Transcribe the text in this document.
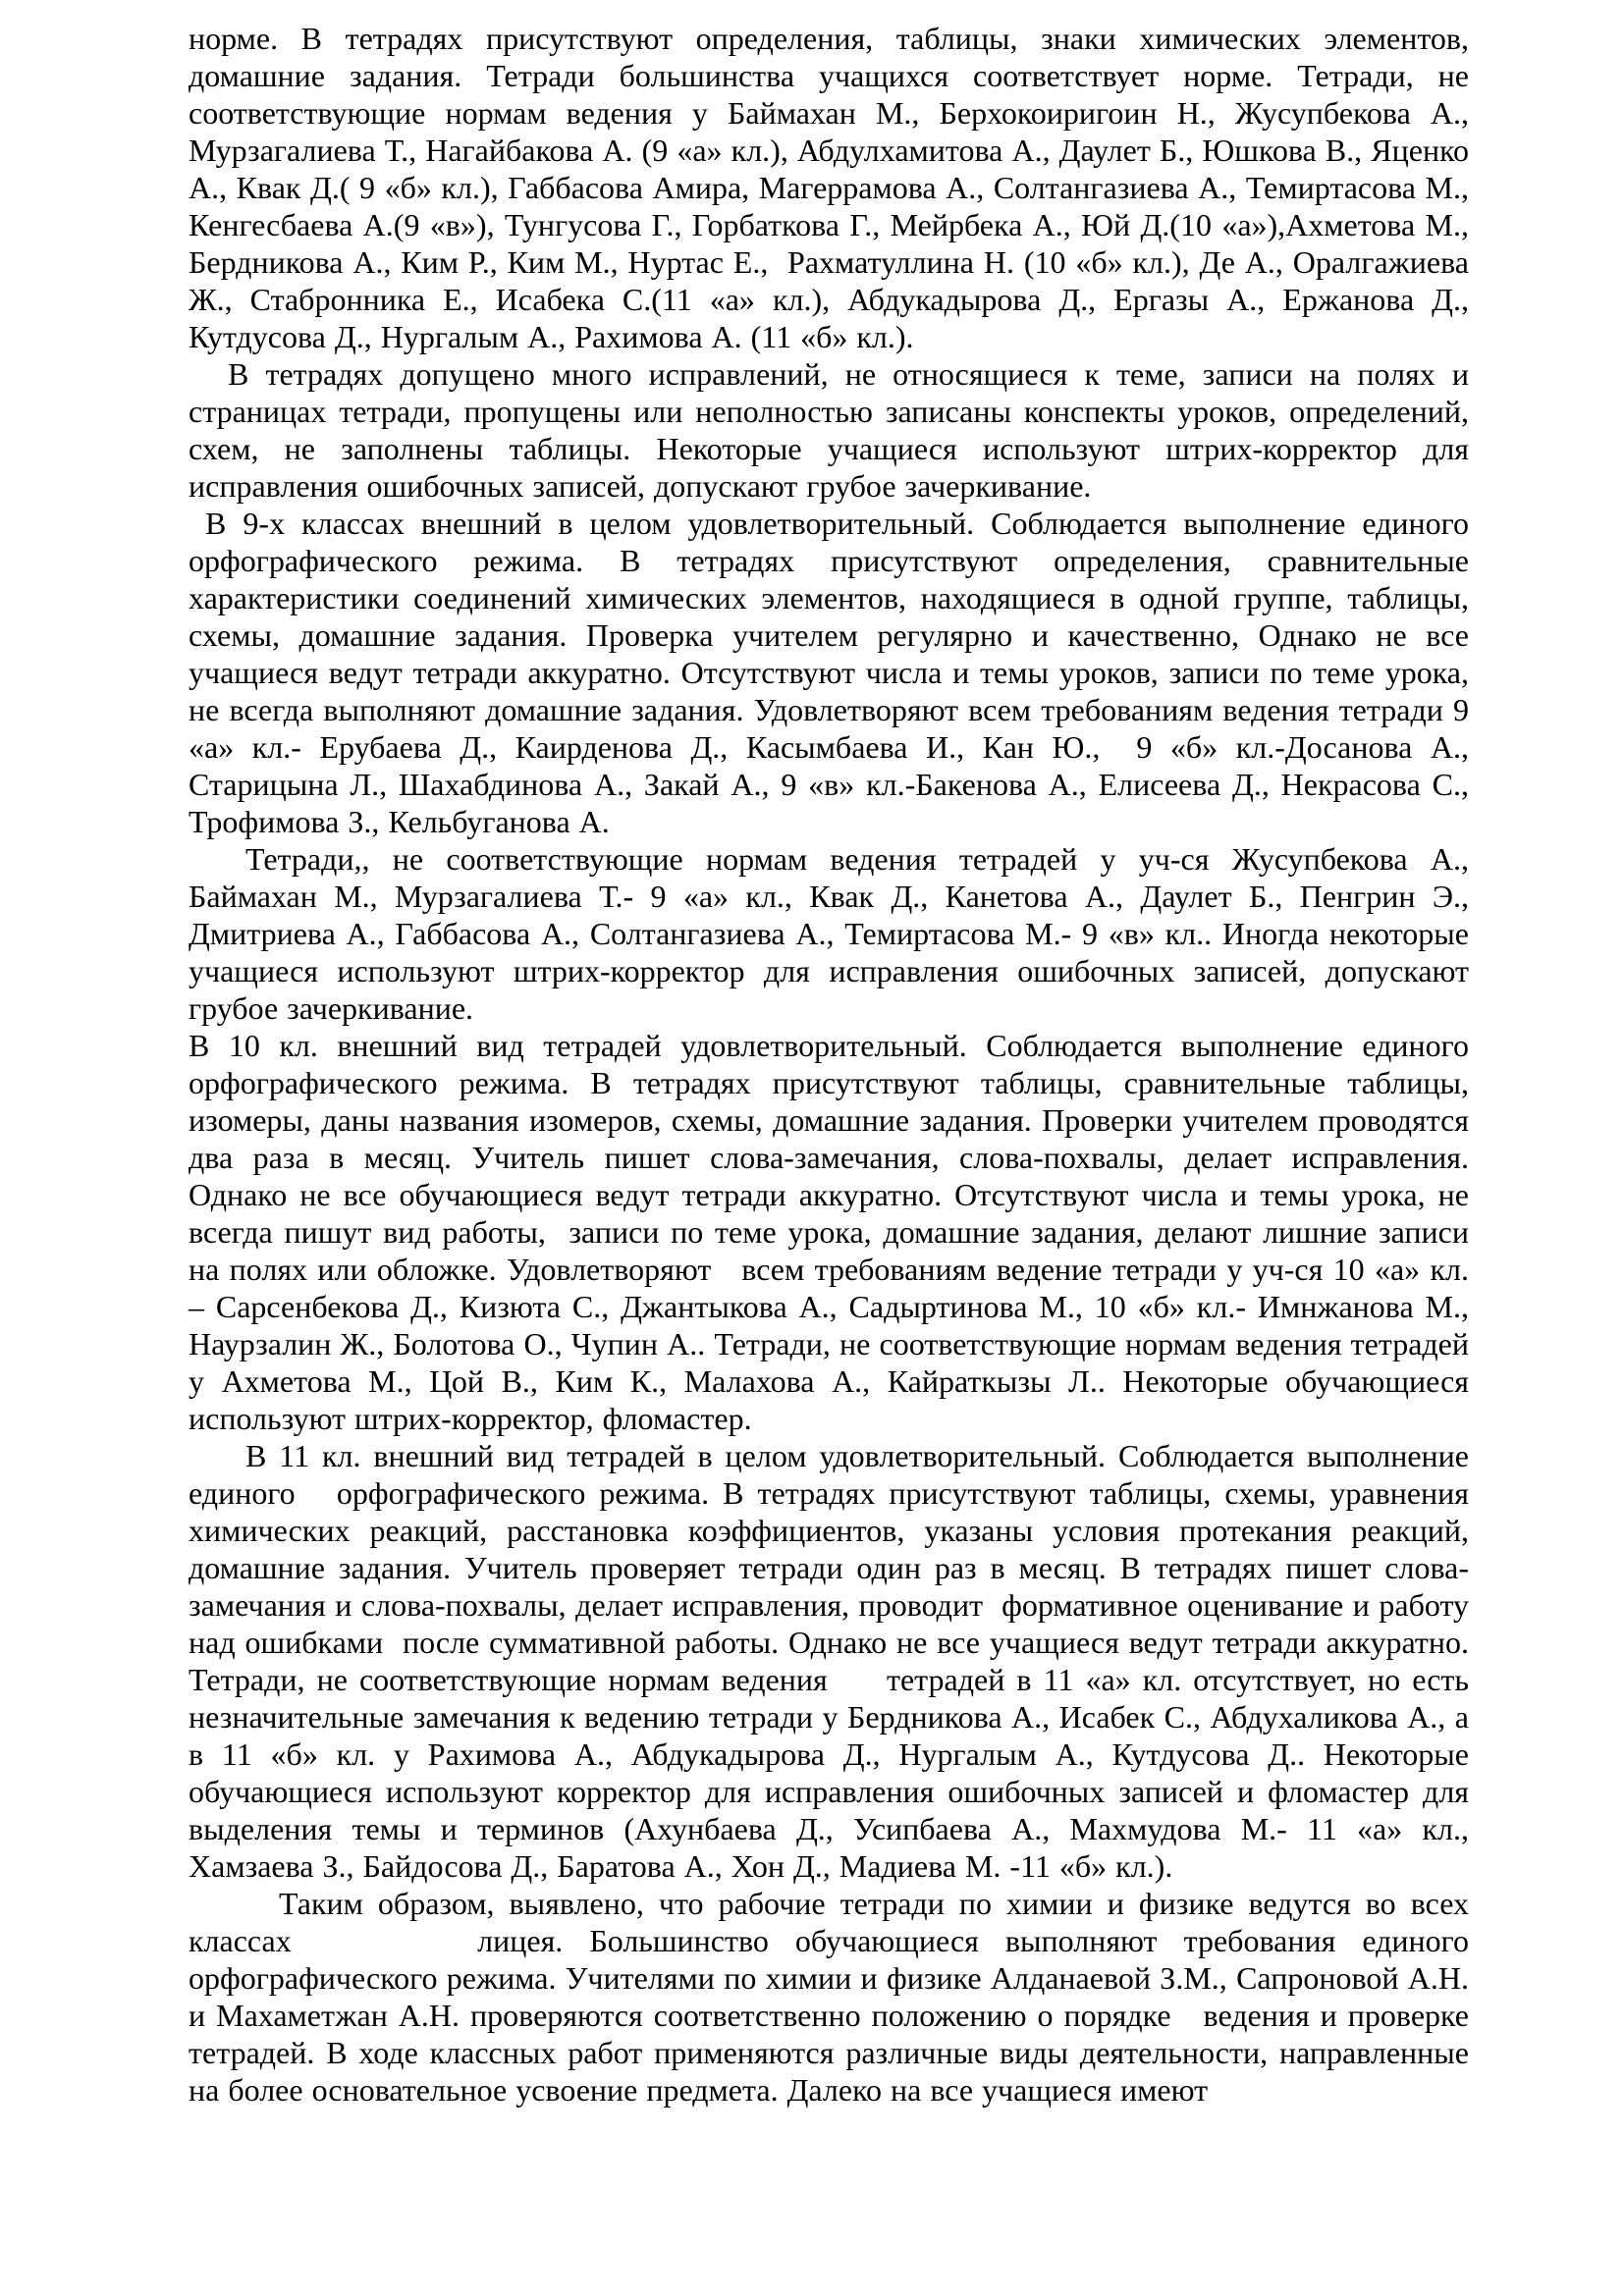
норме. В тетрадях присутствуют определения, таблицы, знаки химических элементов, домашние задания. Тетради большинства учащихся соответствует норме. Тетради, не соответствующие нормам ведения у Баймахан М., Берхокоиригоин Н., Жусупбекова А., Мурзагалиева Т., Нагайбакова А. (9 «а» кл.), Абдулхамитова А., Даулет Б., Юшкова В., Яценко А., Квак Д.( 9 «б» кл.), Габбасова Амира, Магеррамова А., Солтангазиева А., Темиртасова М., Кенгесбаева А.(9 «в»), Тунгусова Г., Горбаткова Г., Мейрбека А., Юй Д.(10 «а»),Ахметова М., Бердникова А., Ким Р., Ким М., Нуртас Е.,  Рахматуллина Н. (10 «б» кл.), Де А., Оралгажиева Ж., Стабронника Е., Исабека С.(11 «а» кл.), Абдукадырова Д., Ергазы А., Ержанова Д., Кутдусова Д., Нургалым А., Рахимова А. (11 «б» кл.).

В тетрадях допущено много исправлений, не относящиеся к теме, записи на полях и страницах тетради, пропущены или неполностью записаны конспекты уроков, определений, схем, не заполнены таблицы. Некоторые учащиеся используют штрих-корректор для исправления ошибочных записей, допускают грубое зачеркивание.

В 9-х классах внешний в целом удовлетворительный. Соблюдается выполнение единого орфографического режима. В тетрадях присутствуют определения, сравнительные характеристики соединений химических элементов, находящиеся в одной группе, таблицы, схемы, домашние задания. Проверка учителем регулярно и качественно, Однако не все учащиеся ведут тетради аккуратно. Отсутствуют числа и темы уроков, записи по теме урока, не всегда выполняют домашние задания. Удовлетворяют всем требованиям ведения тетради 9 «а» кл.- Ерубаева Д., Каирденова Д., Касымбаева И., Кан Ю.,  9 «б» кл.-Досанова А., Старицына Л., Шахабдинова А., Закай А., 9 «в» кл.-Бакенова А., Елисеева Д., Некрасова С., Трофимова З., Кельбуганова А.

Тетради,, не соответствующие нормам ведения тетрадей у уч-ся Жусупбекова А., Баймахан М., Мурзагалиева Т.- 9 «а» кл., Квак Д., Канетова А., Даулет Б., Пенгрин Э., Дмитриева А., Габбасова А., Солтангазиева А., Темиртасова М.- 9 «в» кл.. Иногда некоторые учащиеся используют штрих-корректор для исправления ошибочных записей, допускают грубое зачеркивание.

В 10 кл. внешний вид тетрадей удовлетворительный. Соблюдается выполнение единого орфографического режима. В тетрадях присутствуют таблицы, сравнительные таблицы, изомеры, даны названия изомеров, схемы, домашние задания. Проверки учителем проводятся два раза в месяц. Учитель пишет слова-замечания, слова-похвалы, делает исправления. Однако не все обучающиеся ведут тетради аккуратно. Отсутствуют числа и темы урока, не всегда пишут вид работы,  записи по теме урока, домашние задания, делают лишние записи на полях или обложке. Удовлетворяют   всем требованиям ведение тетради у уч-ся 10 «а» кл. – Сарсенбекова Д., Кизюта С., Джантыкова А., Садыртинова М., 10 «б» кл.- Имнжанова М., Наурзалин Ж., Болотова О., Чупин А.. Тетради, не соответствующие нормам ведения тетрадей у Ахметова М., Цой В., Ким К., Малахова А., Кайраткызы Л.. Некоторые обучающиеся используют штрих-корректор, фломастер.

В 11 кл. внешний вид тетрадей в целом удовлетворительный. Соблюдается выполнение единого   орфографического режима. В тетрадях присутствуют таблицы, схемы, уравнения химических реакций, расстановка коэффициентов, указаны условия протекания реакций, домашние задания. Учитель проверяет тетради один раз в месяц. В тетрадях пишет слова-замечания и слова-похвалы, делает исправления, проводит  формативное оценивание и работу над ошибками  после суммативной работы. Однако не все учащиеся ведут тетради аккуратно. Тетради, не соответствующие нормам ведения     тетрадей в 11 «а» кл. отсутствует, но есть незначительные замечания к ведению тетради у Бердникова А., Исабек С., Абдухаликова А., а в 11 «б» кл. у Рахимова А., Абдукадырова Д., Нургалым А., Кутдусова Д.. Некоторые обучающиеся используют корректор для исправления ошибочных записей и фломастер для выделения темы и терминов (Ахунбаева Д., Усипбаева А., Махмудова М.- 11 «а» кл., Хамзаева З., Байдосова Д., Баратова А., Хон Д., Мадиева М. -11 «б» кл.).

Таким образом, выявлено, что рабочие тетради по химии и физике ведутся во всех классах       лицея. Большинство обучающиеся выполняют требования единого орфографического режима. Учителями по химии и физике Алданаевой З.М., Сапроновой А.Н. и Махаметжан А.Н. проверяются соответственно положению о порядке   ведения и проверке тетрадей. В ходе классных работ применяются различные виды деятельности, направленные на более основательное усвоение предмета. Далеко на все учащиеся имеют
